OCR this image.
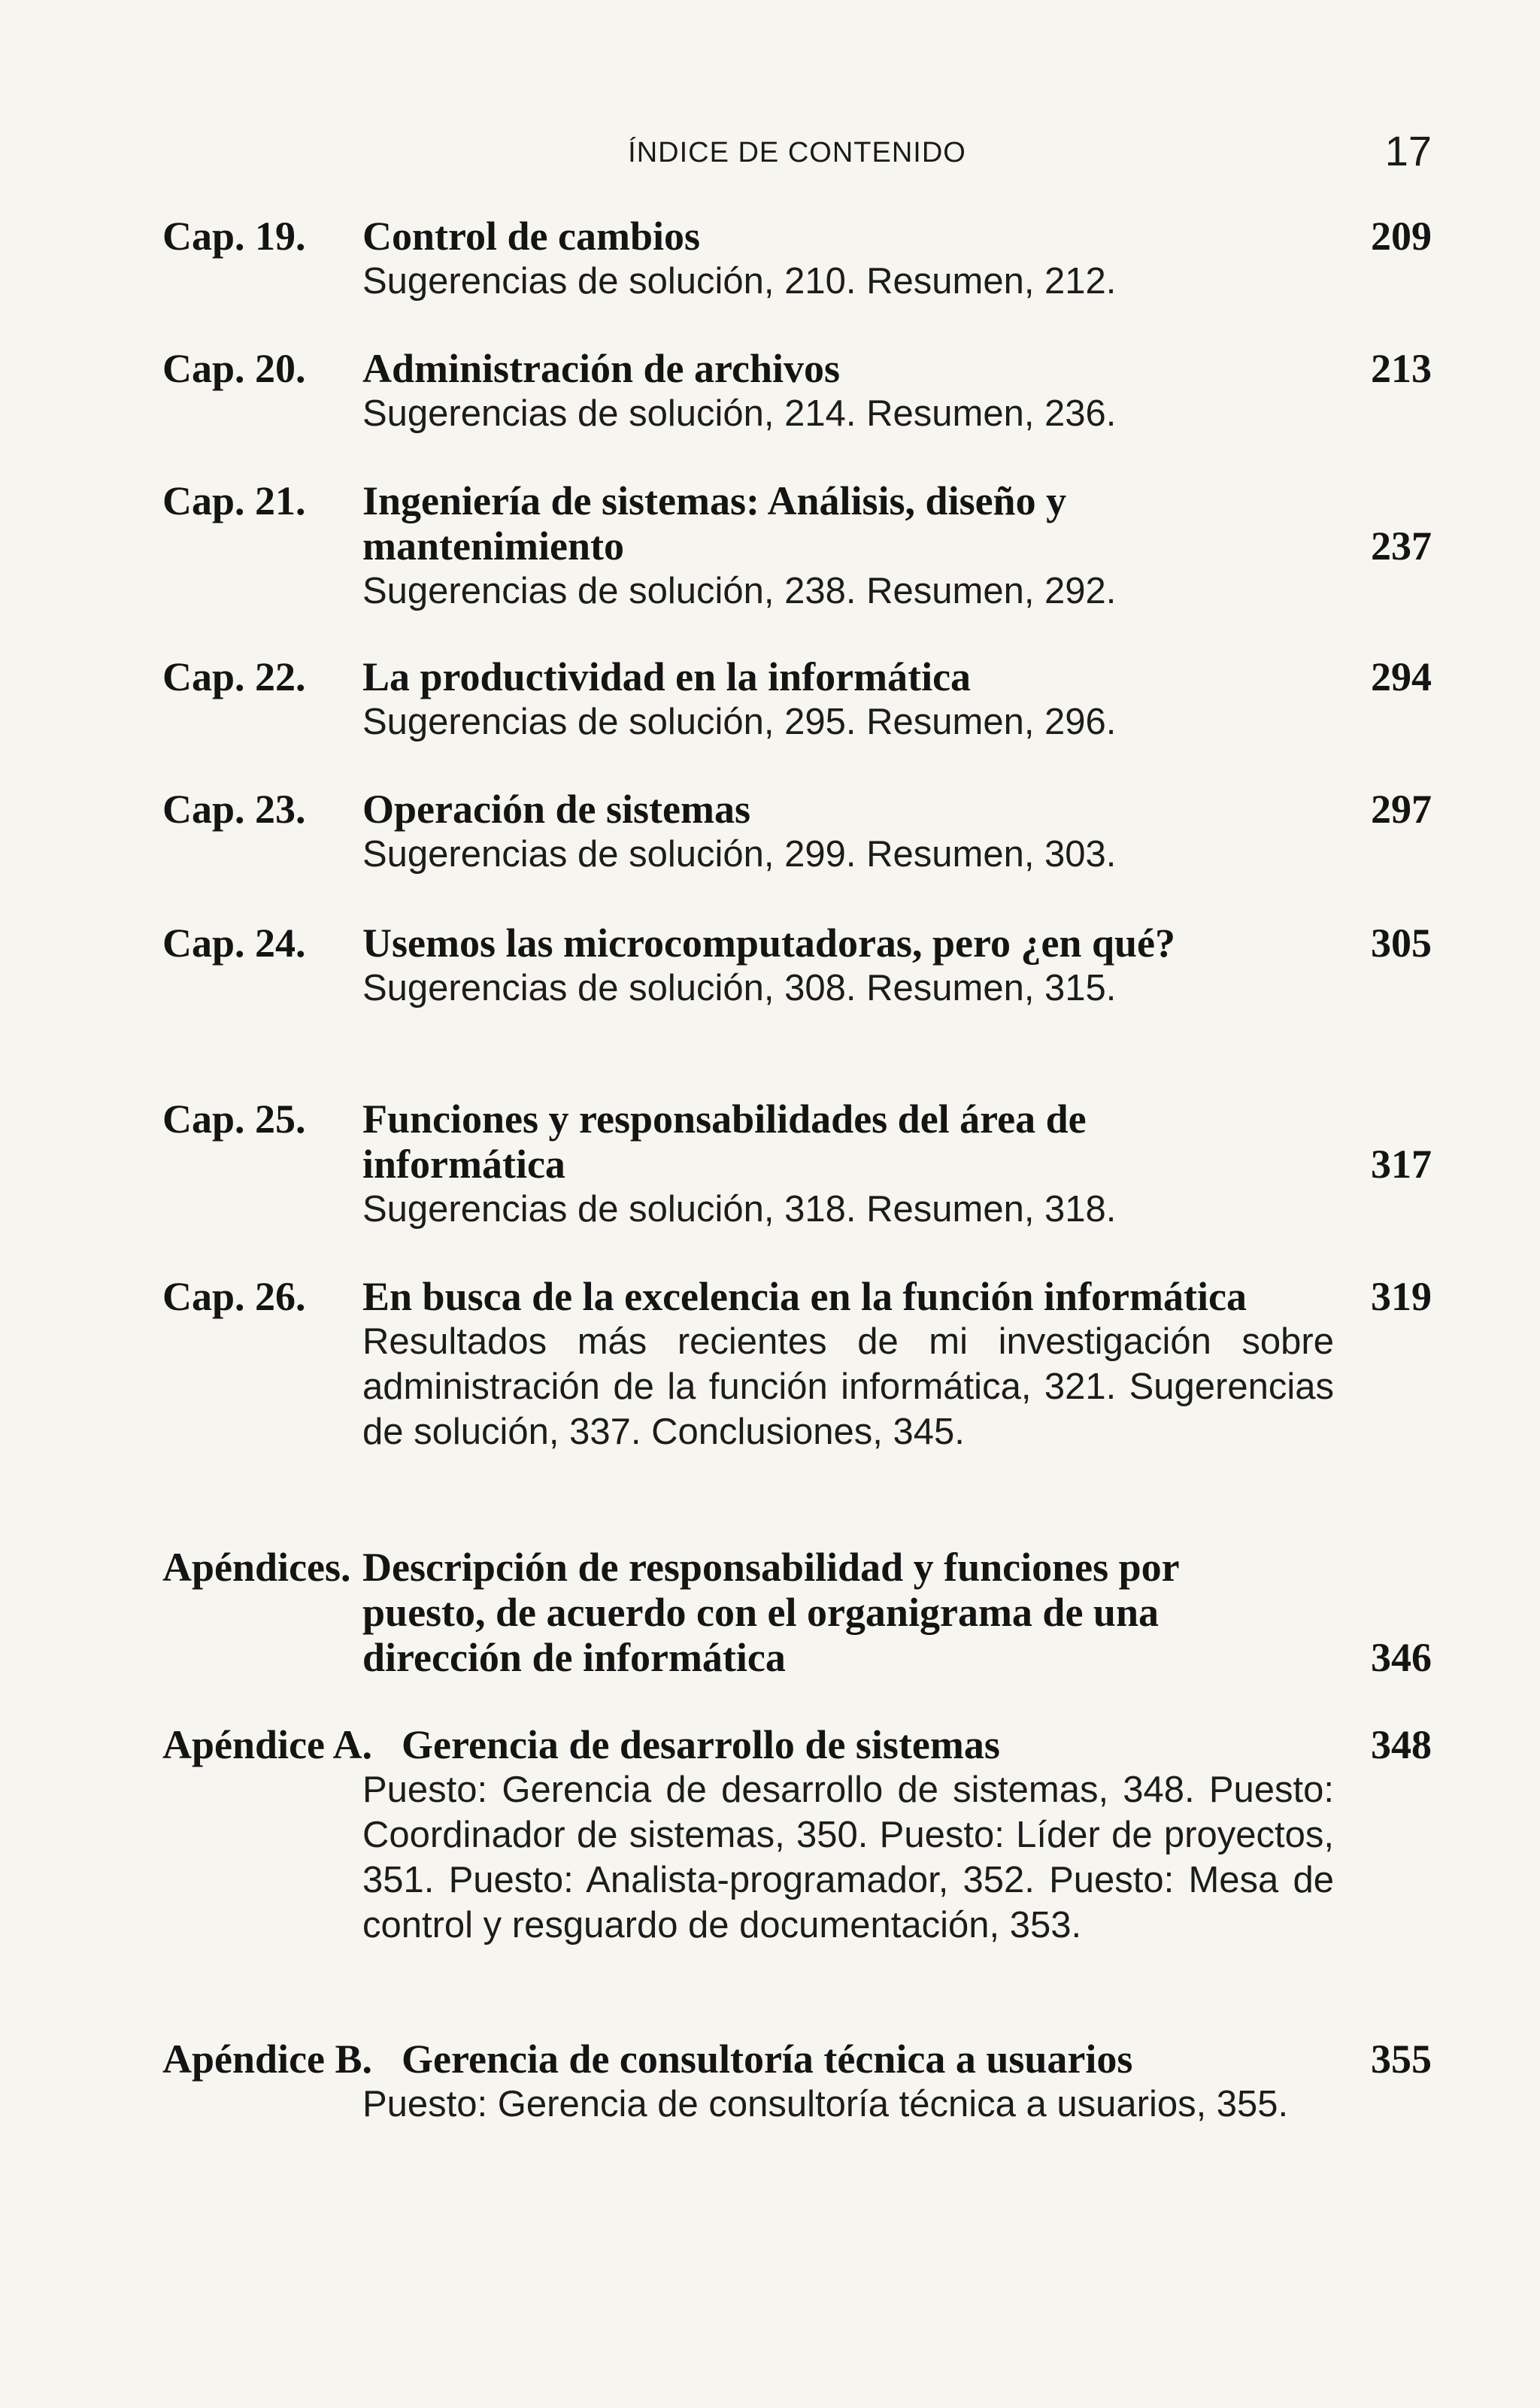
ÍNDICE DE CONTENIDO	17
Cap. 19. Control de cambios	209
Sugerencias de solución, 210. Resumen, 212.
Cap. 20. Administración de archivos	213
Sugerencias de solución, 214. Resumen, 236.
Cap. 21. Ingeniería de sistemas: Análisis, diseño y mantenimiento	237
Sugerencias de solución, 238. Resumen, 292.
Cap. 22. La productividad en la informática	294
Sugerencias de solución, 295. Resumen, 296.
Cap. 23. Operación de sistemas	297
Sugerencias de solución, 299. Resumen, 303.
Cap. 24. Usemos las microcomputadoras, pero ¿en qué?	305
Sugerencias de solución, 308. Resumen, 315.
Cap. 25. Funciones y responsabilidades del área de informática	317
Sugerencias de solución, 318. Resumen, 318.
Cap. 26. En busca de la excelencia en la función informática	319
Resultados más recientes de mi investigación sobre administración de la función informática, 321. Sugerencias de solución, 337. Conclusiones, 345.
Apéndices. Descripción de responsabilidad y funciones por puesto, de acuerdo con el organigrama de una dirección de informática	346
Apéndice A. Gerencia de desarrollo de sistemas	348
Puesto: Gerencia de desarrollo de sistemas, 348. Puesto: Coordinador de sistemas, 350. Puesto: Líder de proyectos, 351. Puesto: Analista-programador, 352. Puesto: Mesa de control y resguardo de documentación, 353.
Apéndice B. Gerencia de consultoría técnica a usuarios	355
Puesto: Gerencia de consultoría técnica a usuarios, 355.
